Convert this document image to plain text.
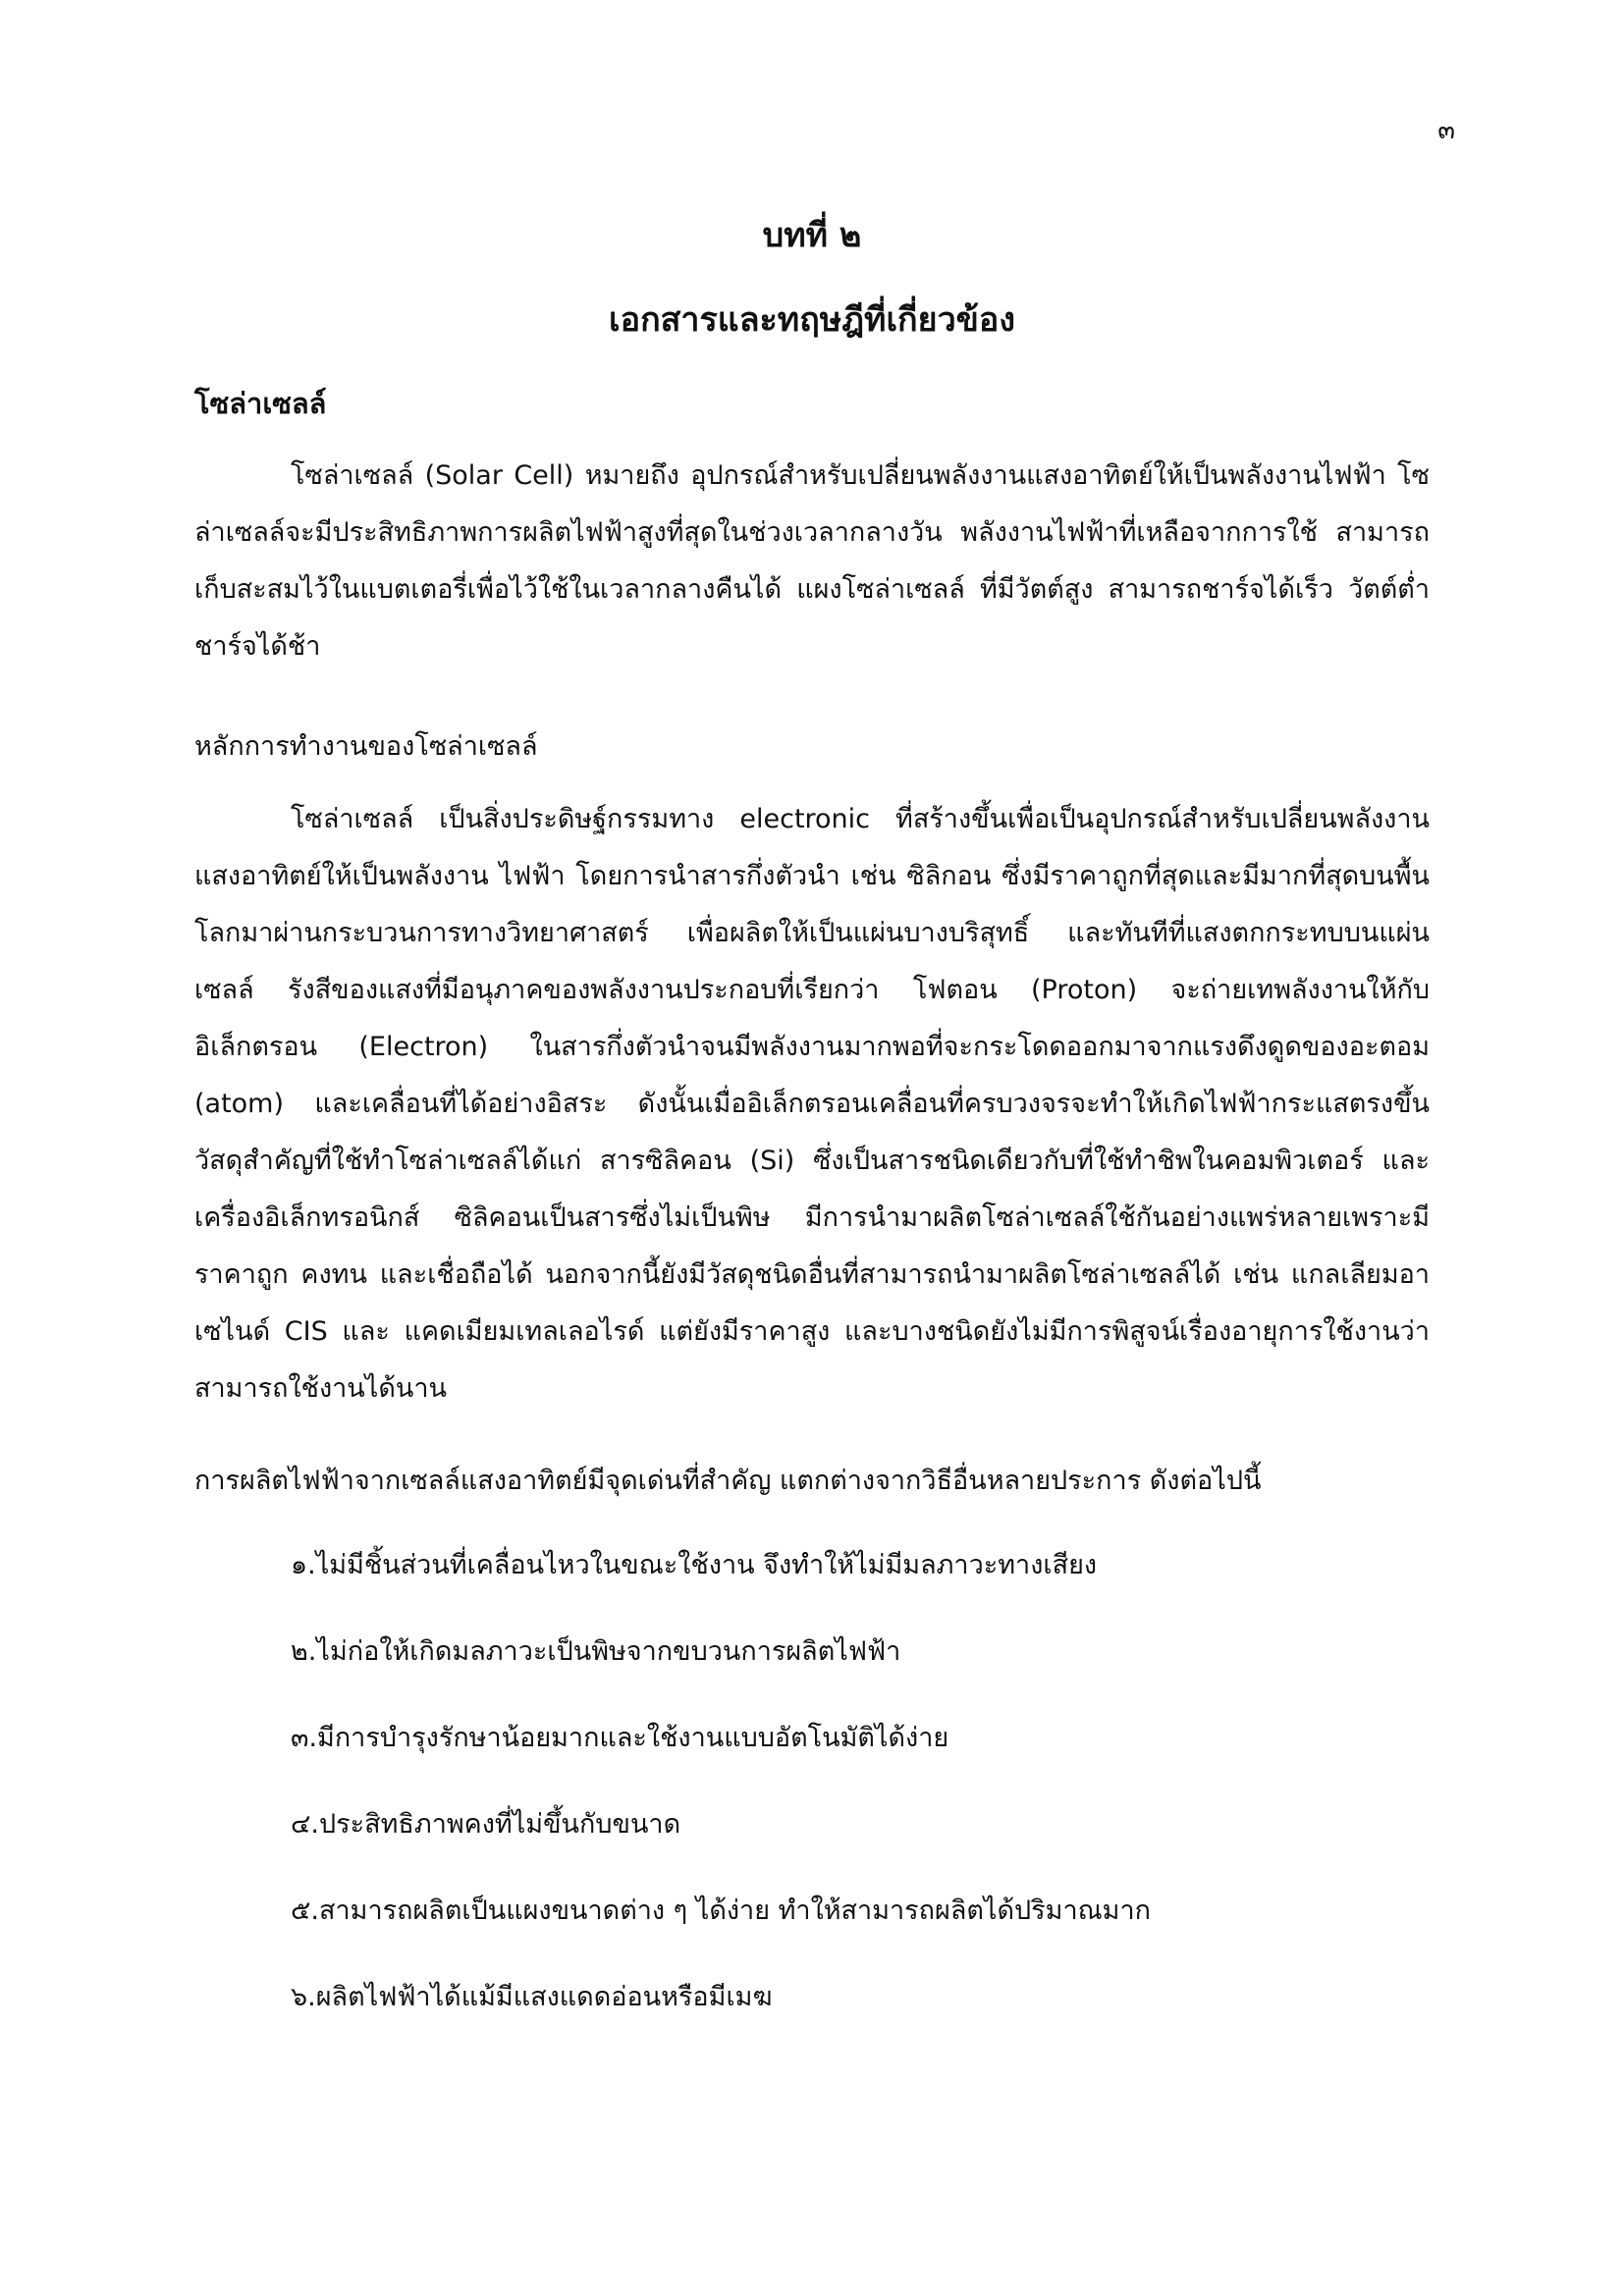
๓
บทที่ ๒
เอกสารและทฤษฎีที่เกี่ยวข้อง
โซล่าเซลล์

โซล่าเซลล์ (Solar Cell) หมายถึง อุปกรณ์สำหรับเปลี่ยนพลังงานแสงอาทิตย์ให้เป็นพลังงานไฟฟ้า โซล่าเซลล์จะมีประสิทธิภาพการผลิตไฟฟ้าสูงที่สุดในช่วงเวลากลางวัน พลังงานไฟฟ้าที่เหลือจากการใช้ สามารถเก็บสะสมไว้ในแบตเตอรี่เพื่อไว้ใช้ในเวลากลางคืนได้ แผงโซล่าเซลล์ ที่มีวัตต์สูง สามารถชาร์จได้เร็ว วัตต์ต่ำชาร์จได้ช้า

หลักการทำงานของโซล่าเซลล์

โซล่าเซลล์ เป็นสิ่งประดิษฐ์กรรมทาง electronic ที่สร้างขึ้นเพื่อเป็นอุปกรณ์สำหรับเปลี่ยนพลังงาน แสงอาทิตย์ให้เป็นพลังงาน ไฟฟ้า โดยการนำสารกึ่งตัวนำ เช่น ซิลิกอน ซึ่งมีราคาถูกที่สุดและมีมากที่สุดบนพื้น โลกมาผ่านกระบวนการทางวิทยาศาสตร์ เพื่อผลิตให้เป็นแผ่นบางบริสุทธิ์ และทันทีที่แสงตกกระทบบนแผ่น เซลล์ รังสีของแสงที่มีอนุภาคของพลังงานประกอบที่เรียกว่า โฟตอน (Proton) จะถ่ายเทพลังงานให้กับ อิเล็กตรอน (Electron) ในสารกึ่งตัวนำจนมีพลังงานมากพอที่จะกระโดดออกมาจากแรงดึงดูดของอะตอม (atom) และเคลื่อนที่ได้อย่างอิสระ ดังนั้นเมื่ออิเล็กตรอนเคลื่อนที่ครบวงจรจะทำให้เกิดไฟฟ้ากระแสตรงขึ้น วัสดุสำคัญที่ใช้ทำโซล่าเซลล์ได้แก่ สารซิลิคอน (Si) ซึ่งเป็นสารชนิดเดียวกับที่ใช้ทำชิพในคอมพิวเตอร์ และ เครื่องอิเล็กทรอนิกส์ ซิลิคอนเป็นสารซึ่งไม่เป็นพิษ มีการนำมาผลิตโซล่าเซลล์ใช้กันอย่างแพร่หลายเพราะมี ราคาถูก คงทน และเชื่อถือได้ นอกจากนี้ยังมีวัสดุชนิดอื่นที่สามารถนำมาผลิตโซล่าเซลล์ได้ เช่น แกลเลียมอา เซไนด์ CIS และ แคดเมียมเทลเลอไรด์ แต่ยังมีราคาสูง และบางชนิดยังไม่มีการพิสูจน์เรื่องอายุการใช้งานว่า สามารถใช้งานได้นาน

การผลิตไฟฟ้าจากเซลล์แสงอาทิตย์มีจุดเด่นที่สำคัญ แตกต่างจากวิธีอื่นหลายประการ ดังต่อไปนี้

๑.ไม่มีชิ้นส่วนที่เคลื่อนไหวในขณะใช้งาน จึงทำให้ไม่มีมลภาวะทางเสียง
๒.ไม่ก่อให้เกิดมลภาวะเป็นพิษจากขบวนการผลิตไฟฟ้า
๓.มีการบำรุงรักษาน้อยมากและใช้งานแบบอัตโนมัติได้ง่าย
๔.ประสิทธิภาพคงที่ไม่ขึ้นกับขนาด
๕.สามารถผลิตเป็นแผงขนาดต่าง ๆ ได้ง่าย ทำให้สามารถผลิตได้ปริมาณมาก
๖.ผลิตไฟฟ้าได้แม้มีแสงแดดอ่อนหรือมีเมฆ
